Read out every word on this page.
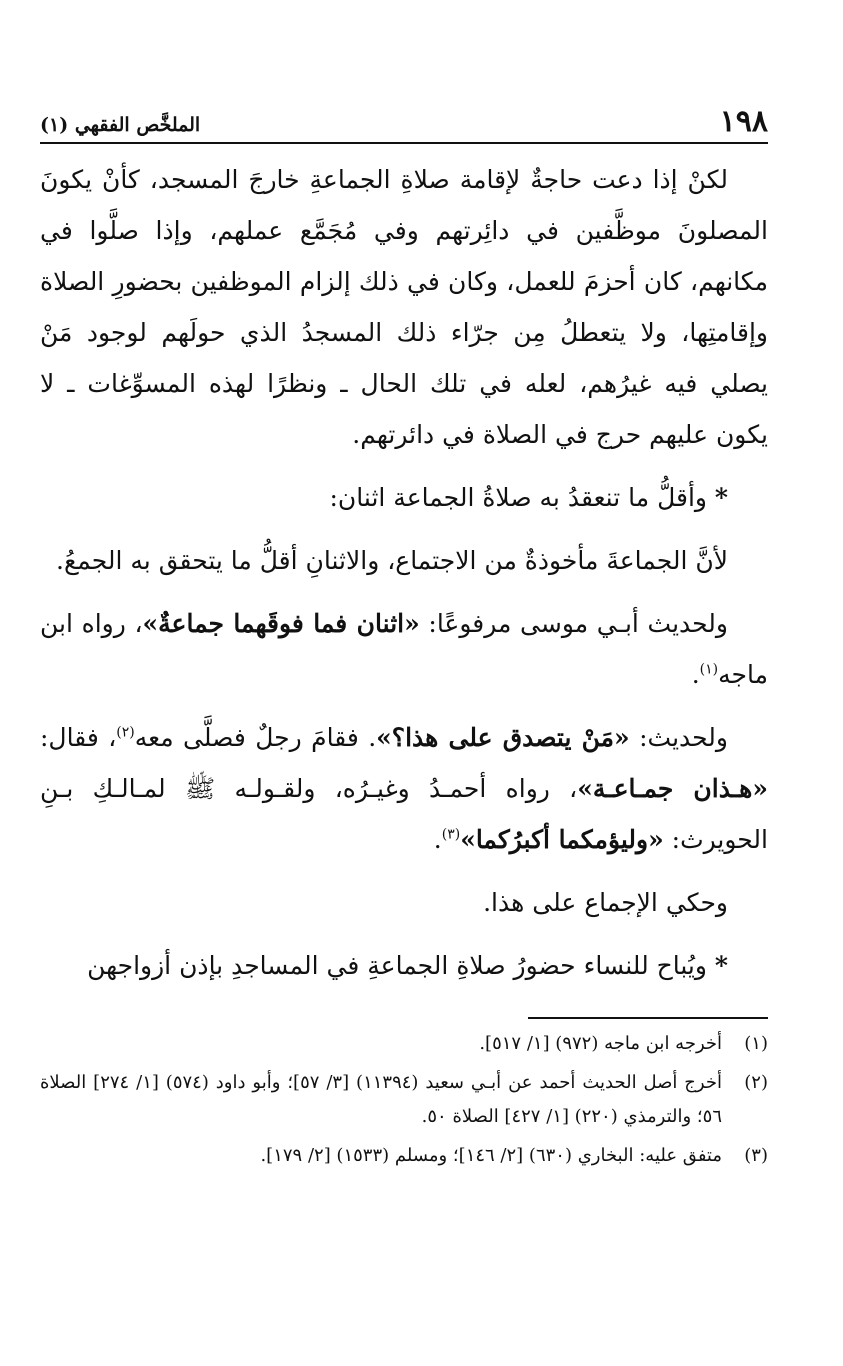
١٩٨
الملخَّص الفقهي (١)

لكنْ إذا دعت حاجةٌ لإقامة صلاةِ الجماعةِ خارجَ المسجد، كأنْ يكونَ المصلونَ موظَّفين في دائِرتهم وفي مُجَمَّع عملهم، وإذا صلَّوا في مكانهم، كان أحزمَ للعمل، وكان في ذلك إلزام الموظفين بحضورِ الصلاة وإقامتِها، ولا يتعطلُ مِن جرّاء ذلك المسجدُ الذي حولَهم لوجود مَنْ يصلي فيه غيرُهم، لعله في تلك الحال ـ ونظرًا لهذه المسوِّغات ـ لا يكون عليهم حرج في الصلاة في دائرتهم.

* وأقلُّ ما تنعقدُ به صلاةُ الجماعة اثنان:

لأنَّ الجماعةَ مأخوذةٌ من الاجتماع، والاثنانِ أقلُّ ما يتحقق به الجمعُ.

ولحديث أبـي موسى مرفوعًا: «اثنان فما فوقَهما جماعةٌ»، رواه ابن ماجه$^{(١)}$.

ولحديث: «مَنْ يتصدق على هذا؟». فقامَ رجلٌ فصلَّى معه$^{(٢)}$، فقال: «هـذان جمـاعـة»، رواه أحمـدُ وغيـرُه، ولقـولـه ﷺ لمـالـكِ بـنِ الحويرث: «وليؤمكما أكبرُكما»$^{(٣)}$.

وحكي الإجماع على هذا.

* ويُباح للنساء حضورُ صلاةِ الجماعةِ في المساجدِ بإذن أزواجهن

(١)
أخرجه ابن ماجه (٩٧٢) [١/ ٥١٧].
(٢)
أخرج أصل الحديث أحمد عن أبـي سعيد (١١٣٩٤) [٣/ ٥٧]؛ وأبو داود (٥٧٤) [١/ ٢٧٤] الصلاة ٥٦؛ والترمذي (٢٢٠) [١/ ٤٢٧] الصلاة ٥٠.
(٣)
متفق عليه: البخاري (٦٣٠) [٢/ ١٤٦]؛ ومسلم (١٥٣٣) [٢/ ١٧٩].
